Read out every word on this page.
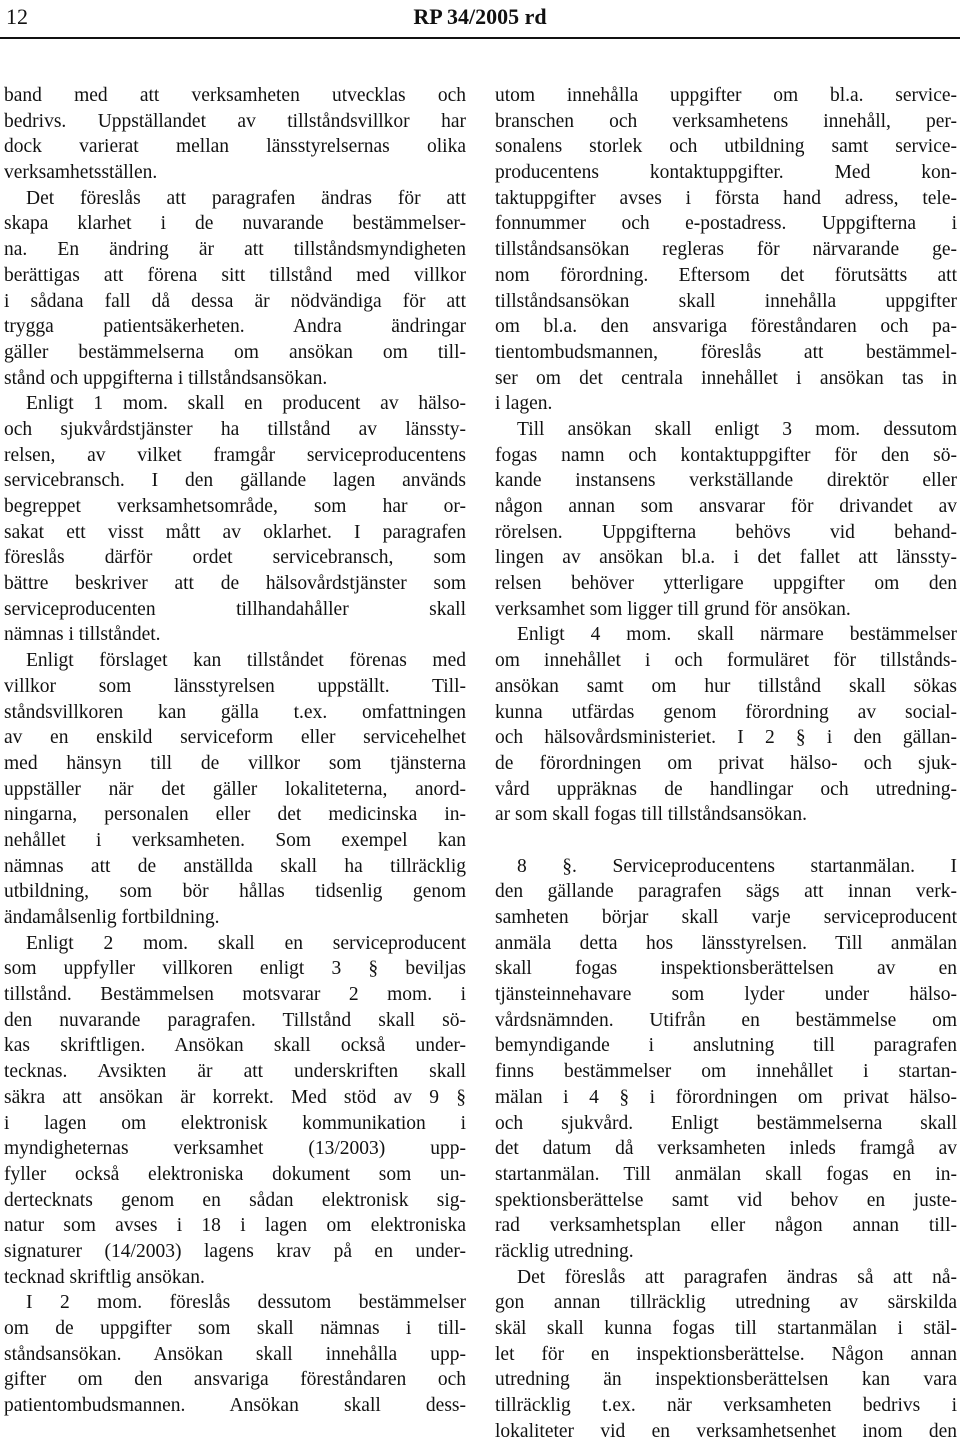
12	RP 34/2005 rd
band med att verksamheten utvecklas och
bedrivs. Uppställandet av tillståndsvillkor har
dock varierat mellan länsstyrelsernas olika
verksamhetsställen.
Det föreslås att paragrafen ändras för att
skapa klarhet i de nuvarande bestämmelser-
na. En ändring är att tillståndsmyndigheten
berättigas att förena sitt tillstånd med villkor
i sådana fall då dessa är nödvändiga för att
trygga patientsäkerheten. Andra ändringar
gäller bestämmelserna om ansökan om till-
stånd och uppgifterna i tillståndsansökan.
Enligt 1 mom. skall en producent av hälso-
och sjukvårdstjänster ha tillstånd av länssty-
relsen, av vilket framgår serviceproducentens
servicebransch. I den gällande lagen används
begreppet verksamhetsområde, som har or-
sakat ett visst mått av oklarhet. I paragrafen
föreslås därför ordet servicebransch, som
bättre beskriver att de hälsovårdstjänster som
serviceproducenten tillhandahåller skall
nämnas i tillståndet.
Enligt förslaget kan tillståndet förenas med
villkor som länsstyrelsen uppställt. Till-
ståndsvillkoren kan gälla t.ex. omfattningen
av en enskild serviceform eller servicehelhet
med hänsyn till de villkor som tjänsterna
uppställer när det gäller lokaliteterna, anord-
ningarna, personalen eller det medicinska in-
nehållet i verksamheten. Som exempel kan
nämnas att de anställda skall ha tillräcklig
utbildning, som bör hållas tidsenlig genom
ändamålsenlig fortbildning.
Enligt 2 mom. skall en serviceproducent
som uppfyller villkoren enligt 3 § beviljas
tillstånd. Bestämmelsen motsvarar 2 mom. i
den nuvarande paragrafen. Tillstånd skall sö-
kas skriftligen. Ansökan skall också under-
tecknas. Avsikten är att underskriften skall
säkra att ansökan är korrekt. Med stöd av 9 §
i lagen om elektronisk kommunikation i
myndigheternas verksamhet (13/2003) upp-
fyller också elektroniska dokument som un-
dertecknats genom en sådan elektronisk sig-
natur som avses i 18 i lagen om elektroniska
signaturer (14/2003) lagens krav på en under-
tecknad skriftlig ansökan.
I 2 mom. föreslås dessutom bestämmelser
om de uppgifter som skall nämnas i till-
ståndsansökan. Ansökan skall innehålla upp-
gifter om den ansvariga föreståndaren och
patientombudsmannen. Ansökan skall dess-
utom innehålla uppgifter om bl.a. service-
branschen och verksamhetens innehåll, per-
sonalens storlek och utbildning samt service-
producentens kontaktuppgifter. Med kon-
taktuppgifter avses i första hand adress, tele-
fonnummer och e-postadress. Uppgifterna i
tillståndsansökan regleras för närvarande ge-
nom förordning. Eftersom det förutsätts att
tillståndsansökan skall innehålla uppgifter
om bl.a. den ansvariga föreståndaren och pa-
tientombudsmannen, föreslås att bestämmel-
ser om det centrala innehållet i ansökan tas in
i lagen.
Till ansökan skall enligt 3 mom. dessutom
fogas namn och kontaktuppgifter för den sö-
kande instansens verkställande direktör eller
någon annan som ansvarar för drivandet av
rörelsen. Uppgifterna behövs vid behand-
lingen av ansökan bl.a. i det fallet att länssty-
relsen behöver ytterligare uppgifter om den
verksamhet som ligger till grund för ansökan.
Enligt 4 mom. skall närmare bestämmelser
om innehållet i och formuläret för tillstånds-
ansökan samt om hur tillstånd skall sökas
kunna utfärdas genom förordning av social-
och hälsovårdsministeriet. I 2 § i den gällan-
de förordningen om privat hälso- och sjuk-
vård uppräknas de handlingar och utredning-
ar som skall fogas till tillståndsansökan.
8 §. Serviceproducentens startanmälan. I
den gällande paragrafen sägs att innan verk-
samheten börjar skall varje serviceproducent
anmäla detta hos länsstyrelsen. Till anmälan
skall fogas inspektionsberättelsen av en
tjänsteinnehavare som lyder under hälso-
vårdsnämnden. Utifrån en bestämmelse om
bemyndigande i anslutning till paragrafen
finns bestämmelser om innehållet i startan-
mälan i 4 § i förordningen om privat hälso-
och sjukvård. Enligt bestämmelserna skall
det datum då verksamheten inleds framgå av
startanmälan. Till anmälan skall fogas en in-
spektionsberättelse samt vid behov en juste-
rad verksamhetsplan eller någon annan till-
räcklig utredning.
Det föreslås att paragrafen ändras så att nå-
gon annan tillräcklig utredning av särskilda
skäl skall kunna fogas till startanmälan i stäl-
let för en inspektionsberättelse. Någon annan
utredning än inspektionsberättelsen kan vara
tillräcklig t.ex. när verksamheten bedrivs i
lokaliteter vid en verksamhetsenhet inom den
